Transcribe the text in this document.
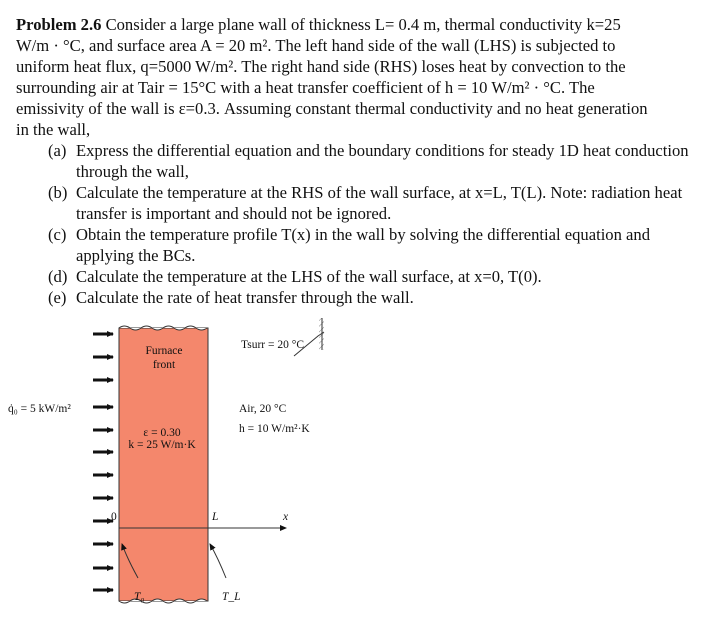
Problem 2.6 Consider a large plane wall of thickness L= 0.4 m, thermal conductivity k=25
W/m · °C, and surface area A = 20 m². The left hand side of the wall (LHS) is subjected to
uniform heat flux, q=5000 W/m². The right hand side (RHS) loses heat by convection to the
surrounding air at Tair = 15°C with a heat transfer coefficient of h = 10 W/m² · °C. The
emissivity of the wall is ε=0.3. Assuming constant thermal conductivity and no heat generation
in the wall,

(a) Express the differential equation and the boundary conditions for steady 1D heat conduction through the wall,
(b) Calculate the temperature at the RHS of the wall surface, at x=L, T(L). Note: radiation heat transfer is important and should not be ignored.
(c) Obtain the temperature profile T(x) in the wall by solving the differential equation and applying the BCs.
(d) Calculate the temperature at the LHS of the wall surface, at x=0, T(0).
(e) Calculate the rate of heat transfer through the wall.
q̇₀ = 5 kW/m²
Furnace
front
ε = 0.30
k = 25 W/m·K
Tsurr = 20 °C
Air, 20 °C
h = 10 W/m²·K
0	L	x
T₀	T_L
